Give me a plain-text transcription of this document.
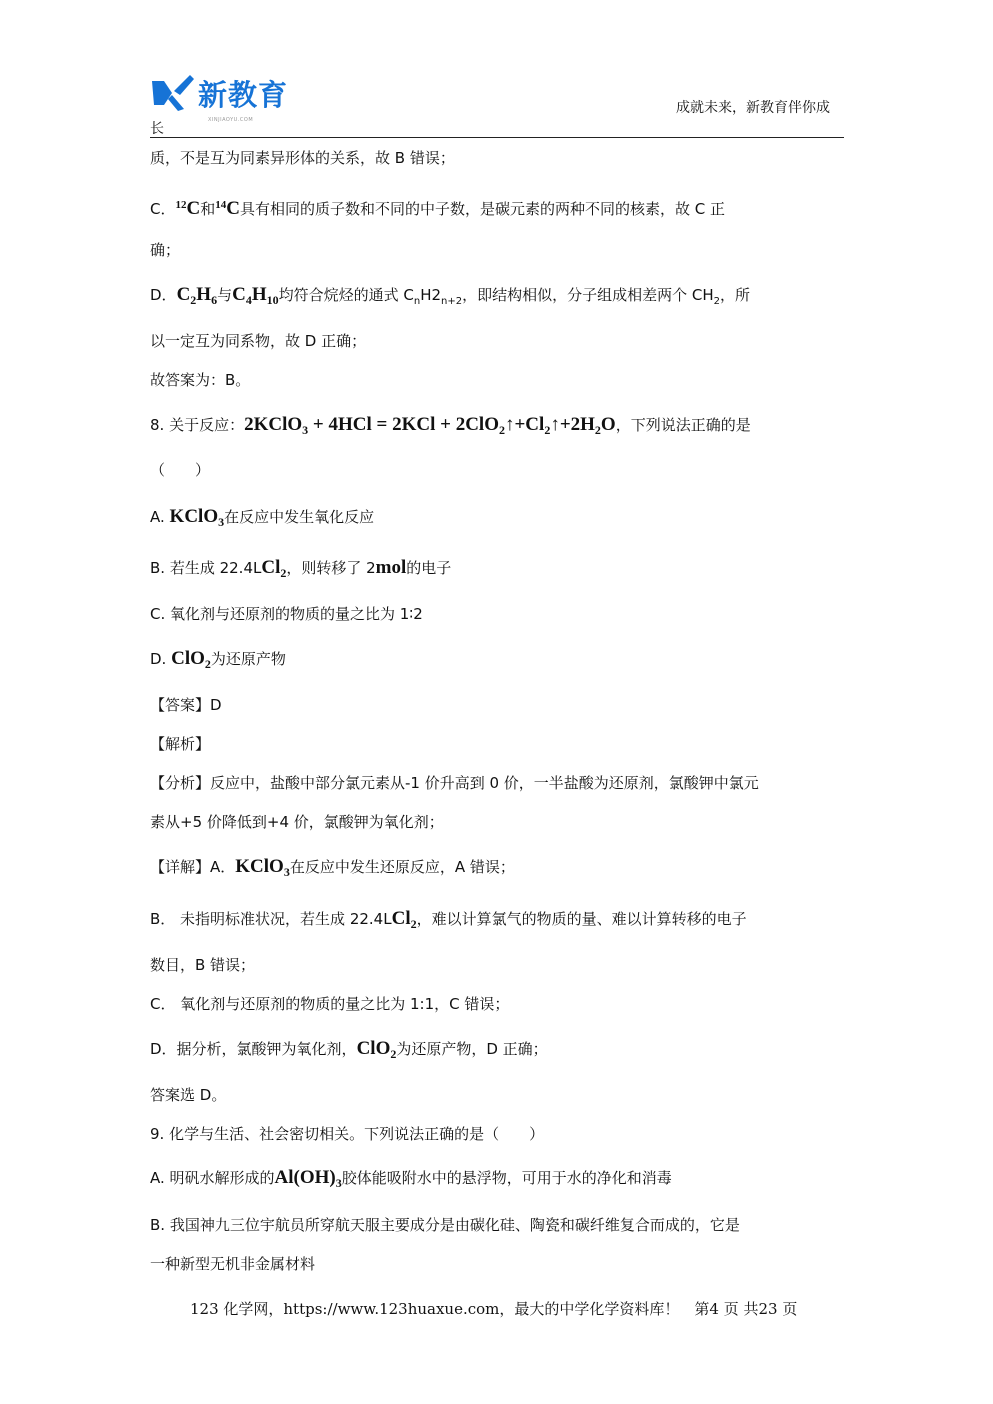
新教育
XINJIAOYU.COM
成就未来，新教育伴你成
长
质，不是互为同素异形体的关系，故 B 错误；
C．$^{12}$C和$^{14}$C具有相同的质子数和不同的中子数，是碳元素的两种不同的核素，故 C 正
确；
D．$C_2H_6$与$C_4H_{10}$均符合烷烃的通式 $C_nH2_{n+2}$，即结构相似，分子组成相差两个 $CH_2$，所
以一定互为同系物，故 D 正确；
故答案为：B。
8. 关于反应：2KClO$_3$ + $4HCl = 2KCl + 2ClO_2↑+Cl_2↑+2H_2O$，下列说法正确的是
（　　）
A. KClO$_3$在反应中发生氧化反应
B. 若生成 22.4LCl$_2$，则转移了 2mol的电子
C. 氧化剂与还原剂的物质的量之比为 1∶2
D. ClO$_2$为还原产物
【答案】D
【解析】
【分析】反应中，盐酸中部分氯元素从-1 价升高到 0 价，一半盐酸为还原剂，氯酸钾中氯元
素从+5 价降低到+4 价，氯酸钾为氧化剂；
【详解】A．KClO$_3$在反应中发生还原反应，A 错误；
B． 未指明标准状况，若生成 22.4LCl$_2$，难以计算氯气的物质的量、难以计算转移的电子
数目，B 错误；
C． 氧化剂与还原剂的物质的量之比为 1:1，C 错误；
D．据分析，氯酸钾为氧化剂，ClO$_2$为还原产物，D 正确；
答案选 D。
9. 化学与生活、社会密切相关。下列说法正确的是（　　）
A. 明矾水解形成的$Al(OH)_3$胶体能吸附水中的悬浮物，可用于水的净化和消毒
B. 我国神九三位宇航员所穿航天服主要成分是由碳化硅、陶瓷和碳纤维复合而成的，它是
一种新型无机非金属材料
123 化学网，https://www.123huaxue.com，最大的中学化学资料库！　第4 页 共23 页
